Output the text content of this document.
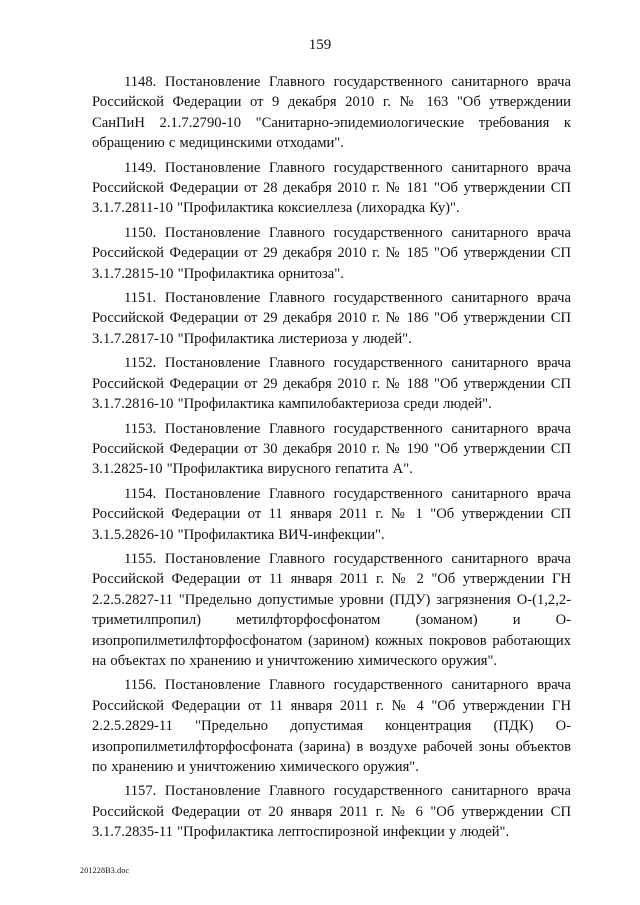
159

1148. Постановление Главного государственного санитарного врача Российской Федерации от 9 декабря 2010 г. № 163 "Об утверждении СанПиН 2.1.7.2790-10 "Санитарно-эпидемиологические требования к обращению с медицинскими отходами".

1149. Постановление Главного государственного санитарного врача Российской Федерации от 28 декабря 2010 г. № 181 "Об утверждении СП 3.1.7.2811-10 "Профилактика коксиеллеза (лихорадка Ку)".

1150. Постановление Главного государственного санитарного врача Российской Федерации от 29 декабря 2010 г. № 185 "Об утверждении СП 3.1.7.2815-10 "Профилактика орнитоза".

1151. Постановление Главного государственного санитарного врача Российской Федерации от 29 декабря 2010 г. № 186 "Об утверждении СП 3.1.7.2817-10 "Профилактика листериоза у людей".

1152. Постановление Главного государственного санитарного врача Российской Федерации от 29 декабря 2010 г. № 188 "Об утверждении СП 3.1.7.2816-10 "Профилактика кампилобактериоза среди людей".

1153. Постановление Главного государственного санитарного врача Российской Федерации от 30 декабря 2010 г. № 190 "Об утверждении СП 3.1.2825-10 "Профилактика вирусного гепатита А".

1154. Постановление Главного государственного санитарного врача Российской Федерации от 11 января 2011 г. № 1 "Об утверждении СП 3.1.5.2826-10 "Профилактика ВИЧ-инфекции".

1155. Постановление Главного государственного санитарного врача Российской Федерации от 11 января 2011 г. № 2 "Об утверждении ГН 2.2.5.2827-11 "Предельно допустимые уровни (ПДУ) загрязнения О-(1,2,2-триметилпропил) метилфторфосфонатом (зоманом) и О-изопропилметилфторфосфонатом (зарином) кожных покровов работающих на объектах по хранению и уничтожению химического оружия".

1156. Постановление Главного государственного санитарного врача Российской Федерации от 11 января 2011 г. № 4 "Об утверждении ГН 2.2.5.2829-11 "Предельно допустимая концентрация (ПДК) О-изопропилметилфторфосфоната (зарина) в воздухе рабочей зоны объектов по хранению и уничтожению химического оружия".

1157. Постановление Главного государственного санитарного врача Российской Федерации от 20 января 2011 г. № 6 "Об утверждении СП 3.1.7.2835-11 "Профилактика лептоспирозной инфекции у людей".

201228B3.doc
